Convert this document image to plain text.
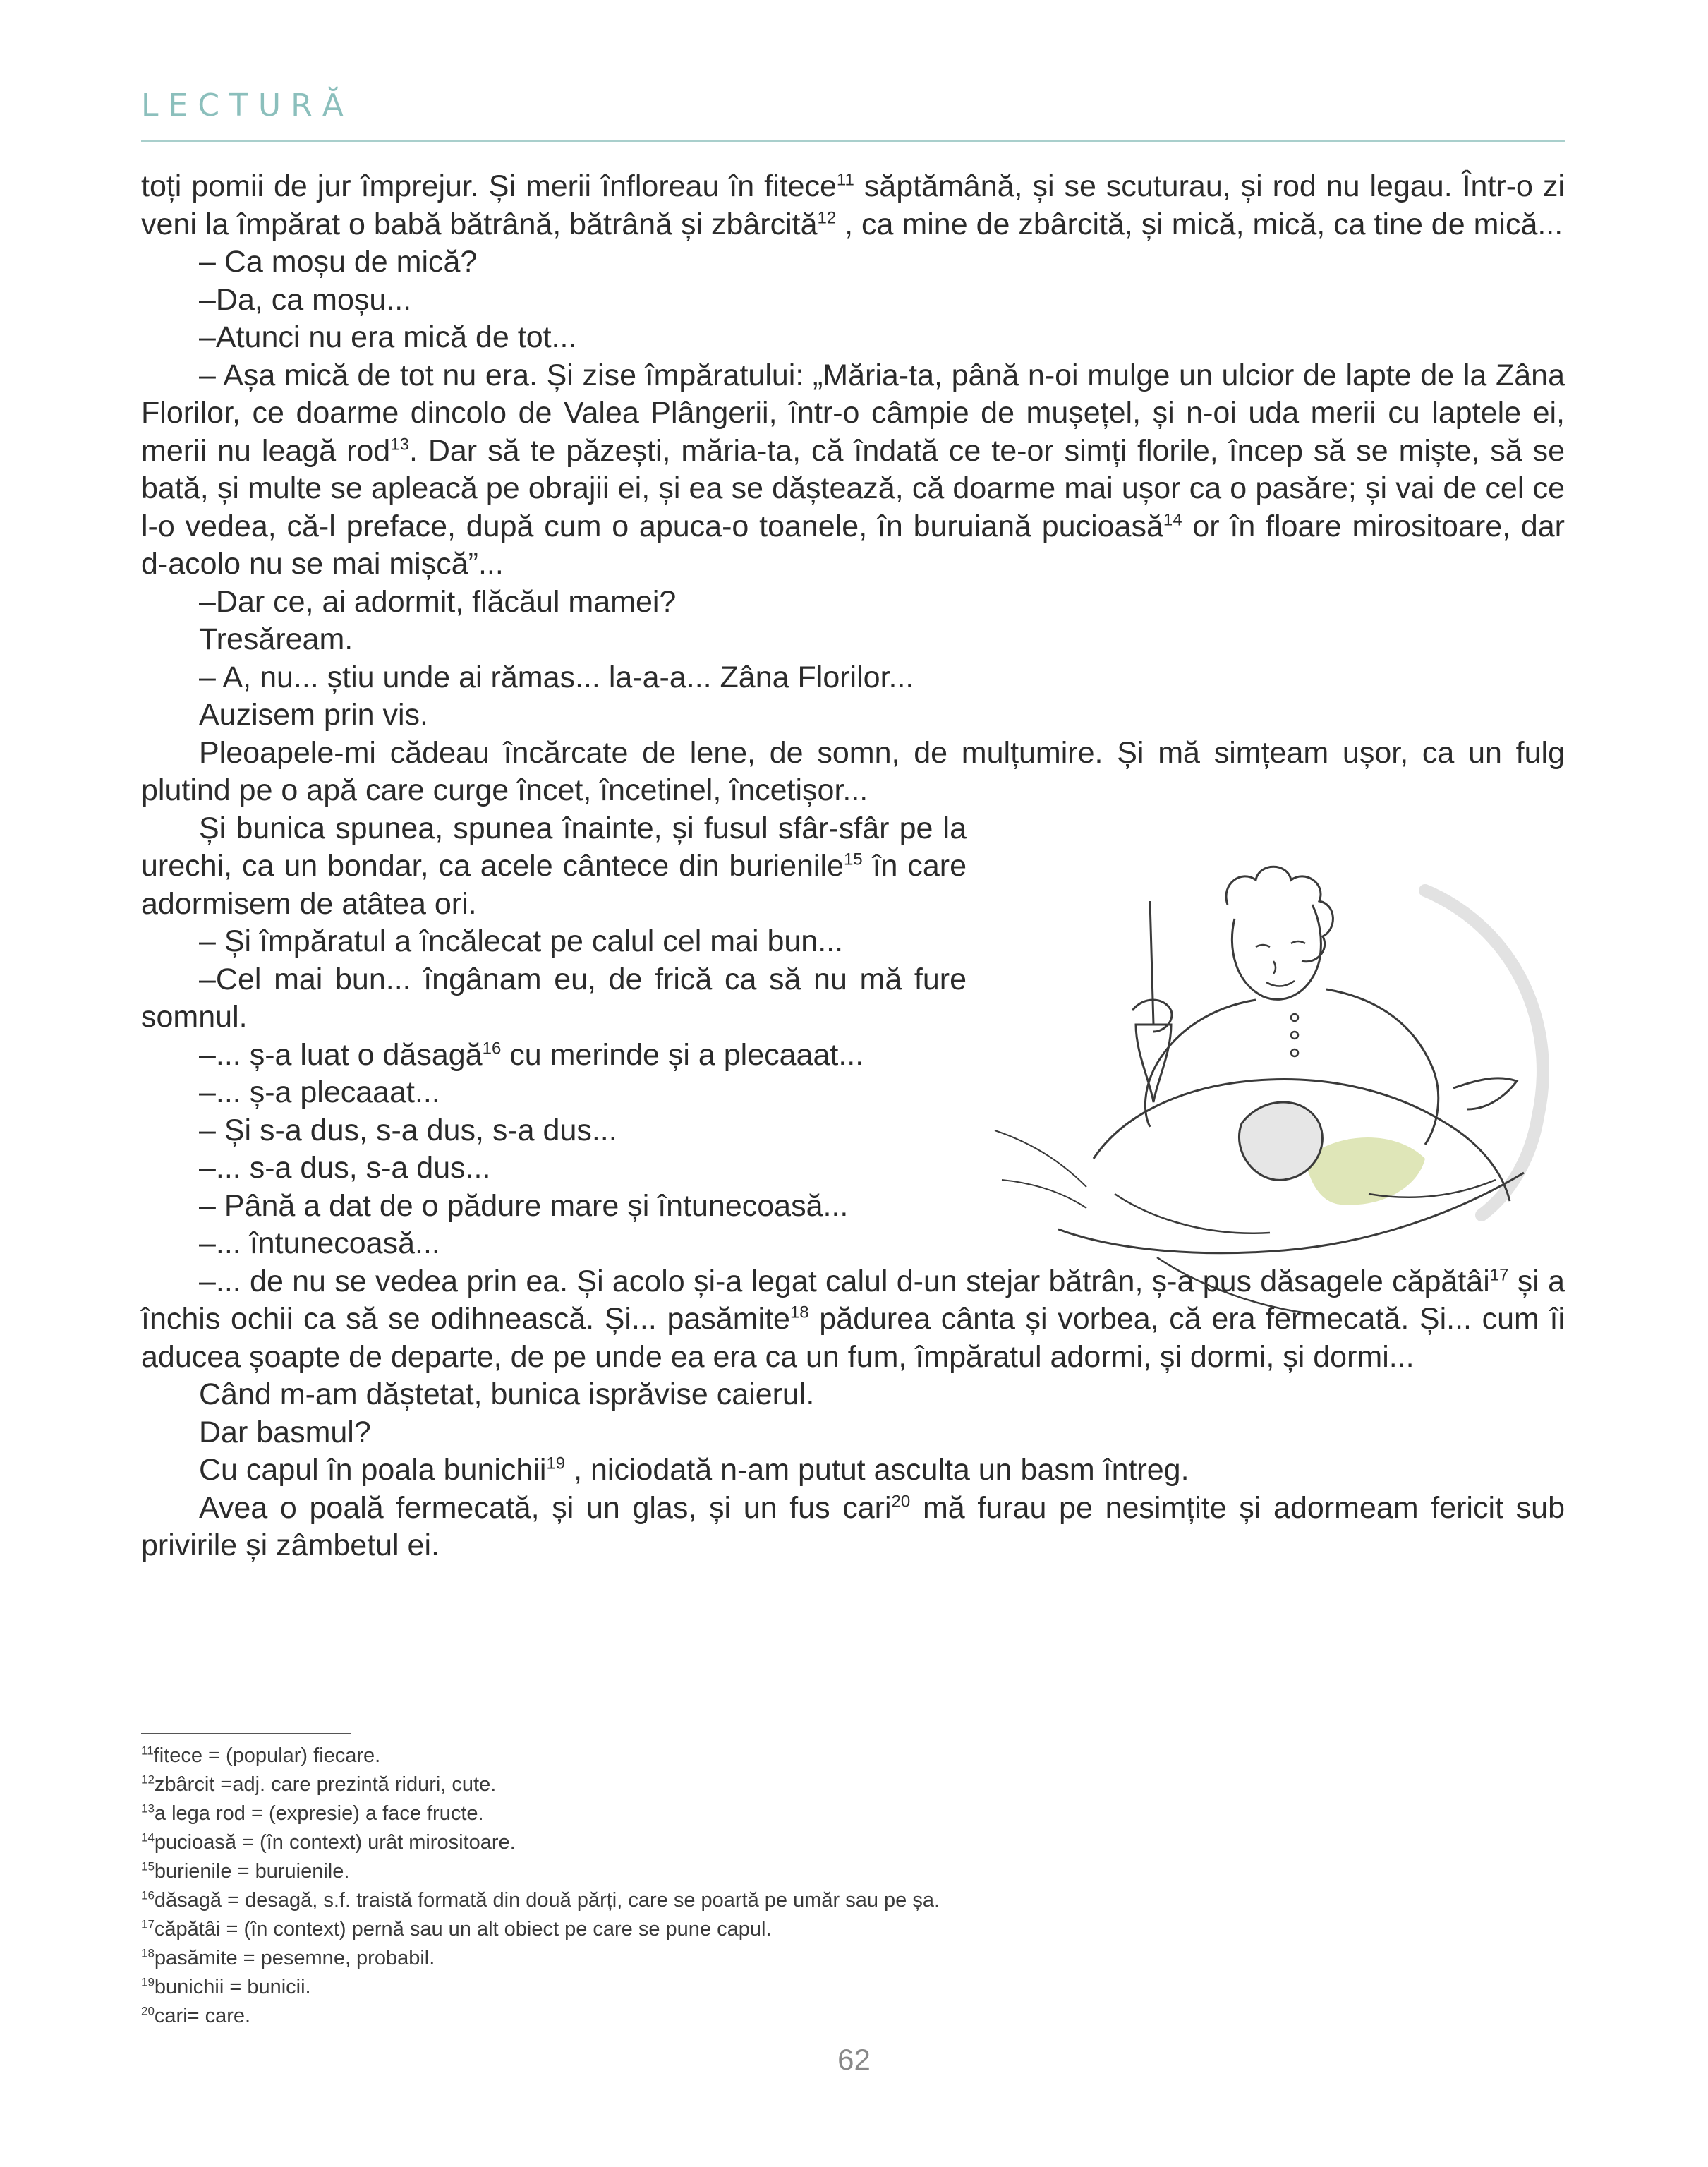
LECTURĂ

toți pomii de jur împrejur. Și merii înfloreau în fitece$^{11}$ săptămână, și se scuturau, și rod nu legau. Într-o zi veni la împărat o babă bătrână, bătrână și zbârcită$^{12}$ , ca mine de zbârcită, și mică, mică, ca tine de mică...

– Ca moșu de mică?

–Da, ca moșu...

–Atunci nu era mică de tot...

– Așa mică de tot nu era. Și zise împăratului: „Măria-ta, până n-oi mulge un ulcior de lapte de la Zâna Florilor, ce doarme dincolo de Valea Plângerii, într-o câmpie de mușețel, și n-oi uda merii cu laptele ei, merii nu leagă rod$^{13}$. Dar să te păzești, măria-ta, că îndată ce te-or simți florile, încep să se miște, să se bată, și multe se apleacă pe obrajii ei, și ea se dăștează, că doarme mai ușor ca o pasăre; și vai de cel ce l-o vedea, că-l preface, după cum o apuca-o toanele, în buruiană pucioasă$^{14}$ or în floare mirositoare, dar d-acolo nu se mai mișcă”...

–Dar ce, ai adormit, flăcăul mamei?

Tresăream.

– A, nu... știu unde ai rămas... la-a-a... Zâna Florilor...

Auzisem prin vis.

Pleoapele-mi cădeau încărcate de lene, de somn, de mulțumire. Și mă simțeam ușor, ca un fulg plutind pe o apă care curge încet, încetinel, încetișor...

Și bunica spunea, spunea înainte, și fusul sfâr-sfâr pe la urechi, ca un bondar, ca acele cântece din burienile$^{15}$ în care adormisem de atâtea ori.

– Și împăratul a încălecat pe calul cel mai bun...

–Cel mai bun... îngânam eu, de frică ca să nu mă fure somnul.

–... ș-a luat o dăsagă$^{16}$ cu merinde și a plecaaat...

–... ș-a plecaaat...

– Și s-a dus, s-a dus, s-a dus...

–... s-a dus, s-a dus...

– Până a dat de o pădure mare și întunecoasă...

–... întunecoasă...

–... de nu se vedea prin ea. Și acolo și-a legat calul d-un stejar bătrân, ș-a pus dăsagele căpătâi$^{17}$ și a închis ochii ca să se odihnească. Și... pasămite$^{18}$ pădurea cânta și vorbea, că era fermecată. Și... cum îi aducea șoapte de departe, de pe unde ea era ca un fum, împăratul adormi, și dormi, și dormi...

Când m-am dăștetat, bunica isprăvise caierul.

Dar basmul?

Cu capul în poala bunichii$^{19}$ , niciodată n-am putut asculta un basm întreg.

Avea o poală fermecată, și un glas, și un fus cari$^{20}$ mă furau pe nesimțite și adormeam fericit sub privirile și zâmbetul ei.

$^{11}$fitece = (popular) fiecare.

$^{12}$zbârcit =adj. care prezintă riduri, cute.

$^{13}$a lega rod = (expresie) a face fructe.

$^{14}$pucioasă = (în context) urât mirositoare.

$^{15}$burienile = buruienile.

$^{16}$dăsagă = desagă, s.f. traistă formată din două părți, care se poartă pe umăr sau pe șa.

$^{17}$căpătâi = (în context) pernă sau un alt obiect pe care se pune capul.

$^{18}$pasămite = pesemne, probabil.

$^{19}$bunichii = bunicii.

$^{20}$cari= care.

62
